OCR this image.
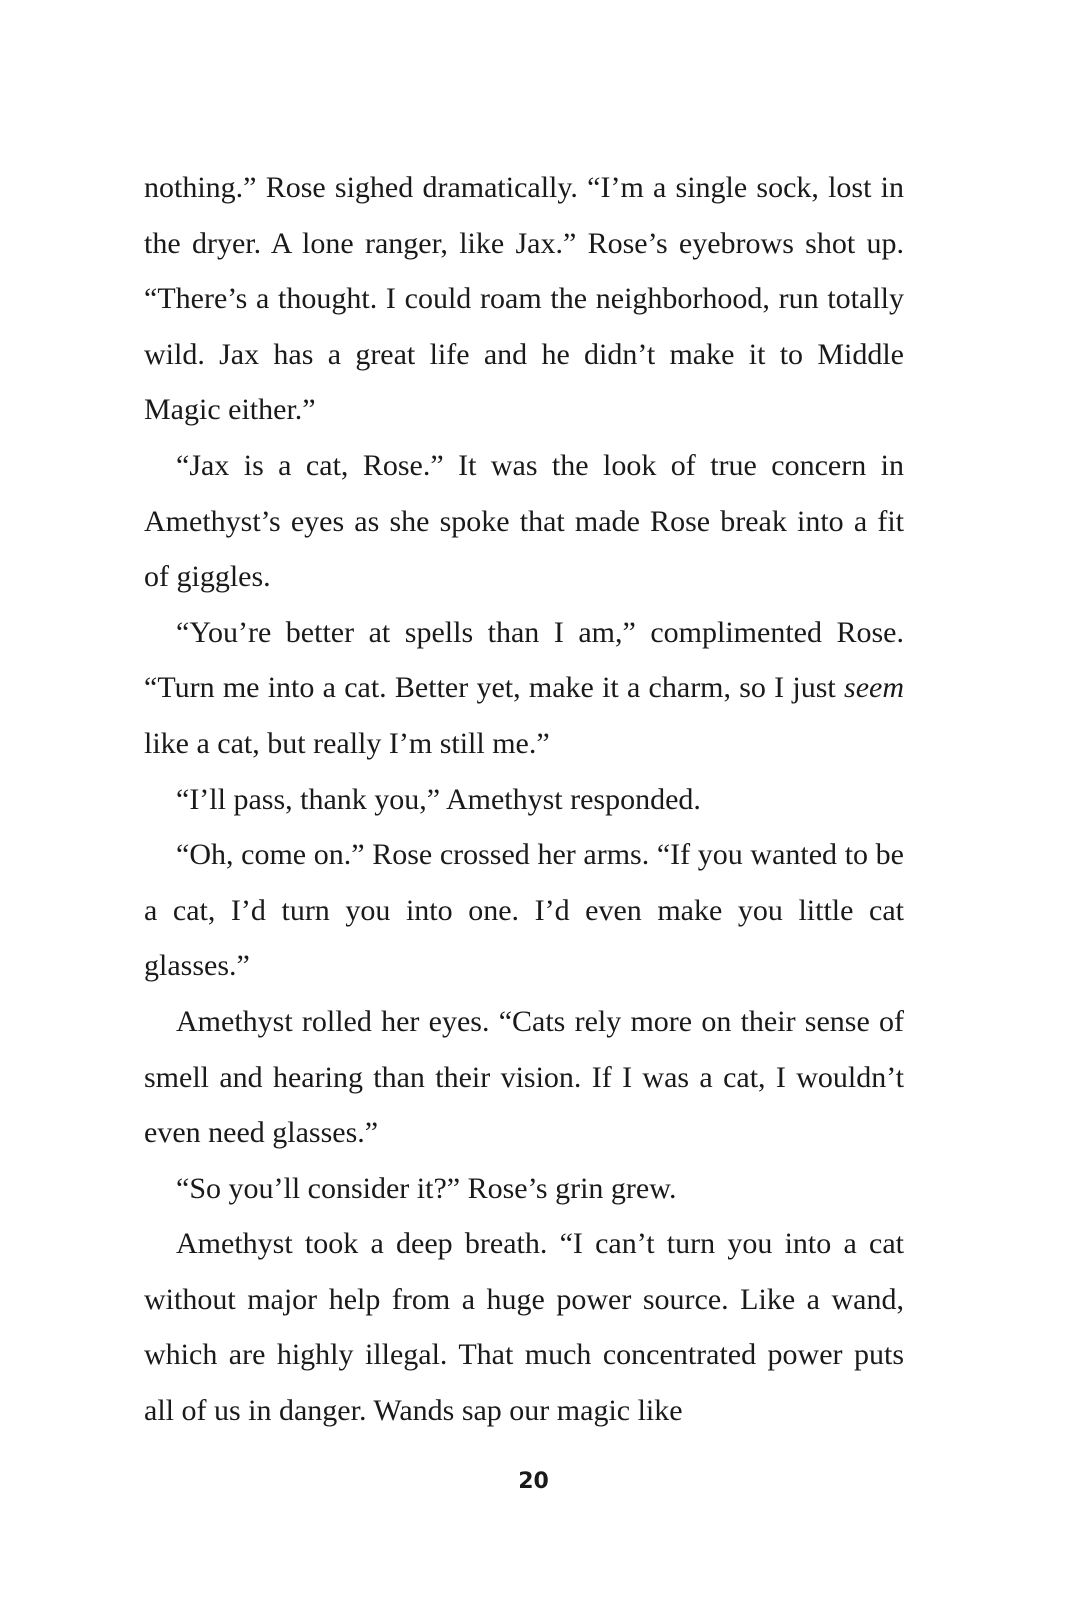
nothing.” Rose sighed dramatically. “I’m a single sock, lost in the dryer. A lone ranger, like Jax.” Rose’s eyebrows shot up. “There’s a thought. I could roam the neighborhood, run totally wild. Jax has a great life and he didn’t make it to Middle Magic either.”

“Jax is a cat, Rose.” It was the look of true concern in Amethyst’s eyes as she spoke that made Rose break into a fit of giggles.

“You’re better at spells than I am,” complimented Rose. “Turn me into a cat. Better yet, make it a charm, so I just seem like a cat, but really I’m still me.”

“I’ll pass, thank you,” Amethyst responded.

“Oh, come on.” Rose crossed her arms. “If you wanted to be a cat, I’d turn you into one. I’d even make you little cat glasses.”

Amethyst rolled her eyes. “Cats rely more on their sense of smell and hearing than their vision. If I was a cat, I wouldn’t even need glasses.”

“So you’ll consider it?” Rose’s grin grew.

Amethyst took a deep breath. “I can’t turn you into a cat without major help from a huge power source. Like a wand, which are highly illegal. That much concentrated power puts all of us in danger. Wands sap our magic like

20
